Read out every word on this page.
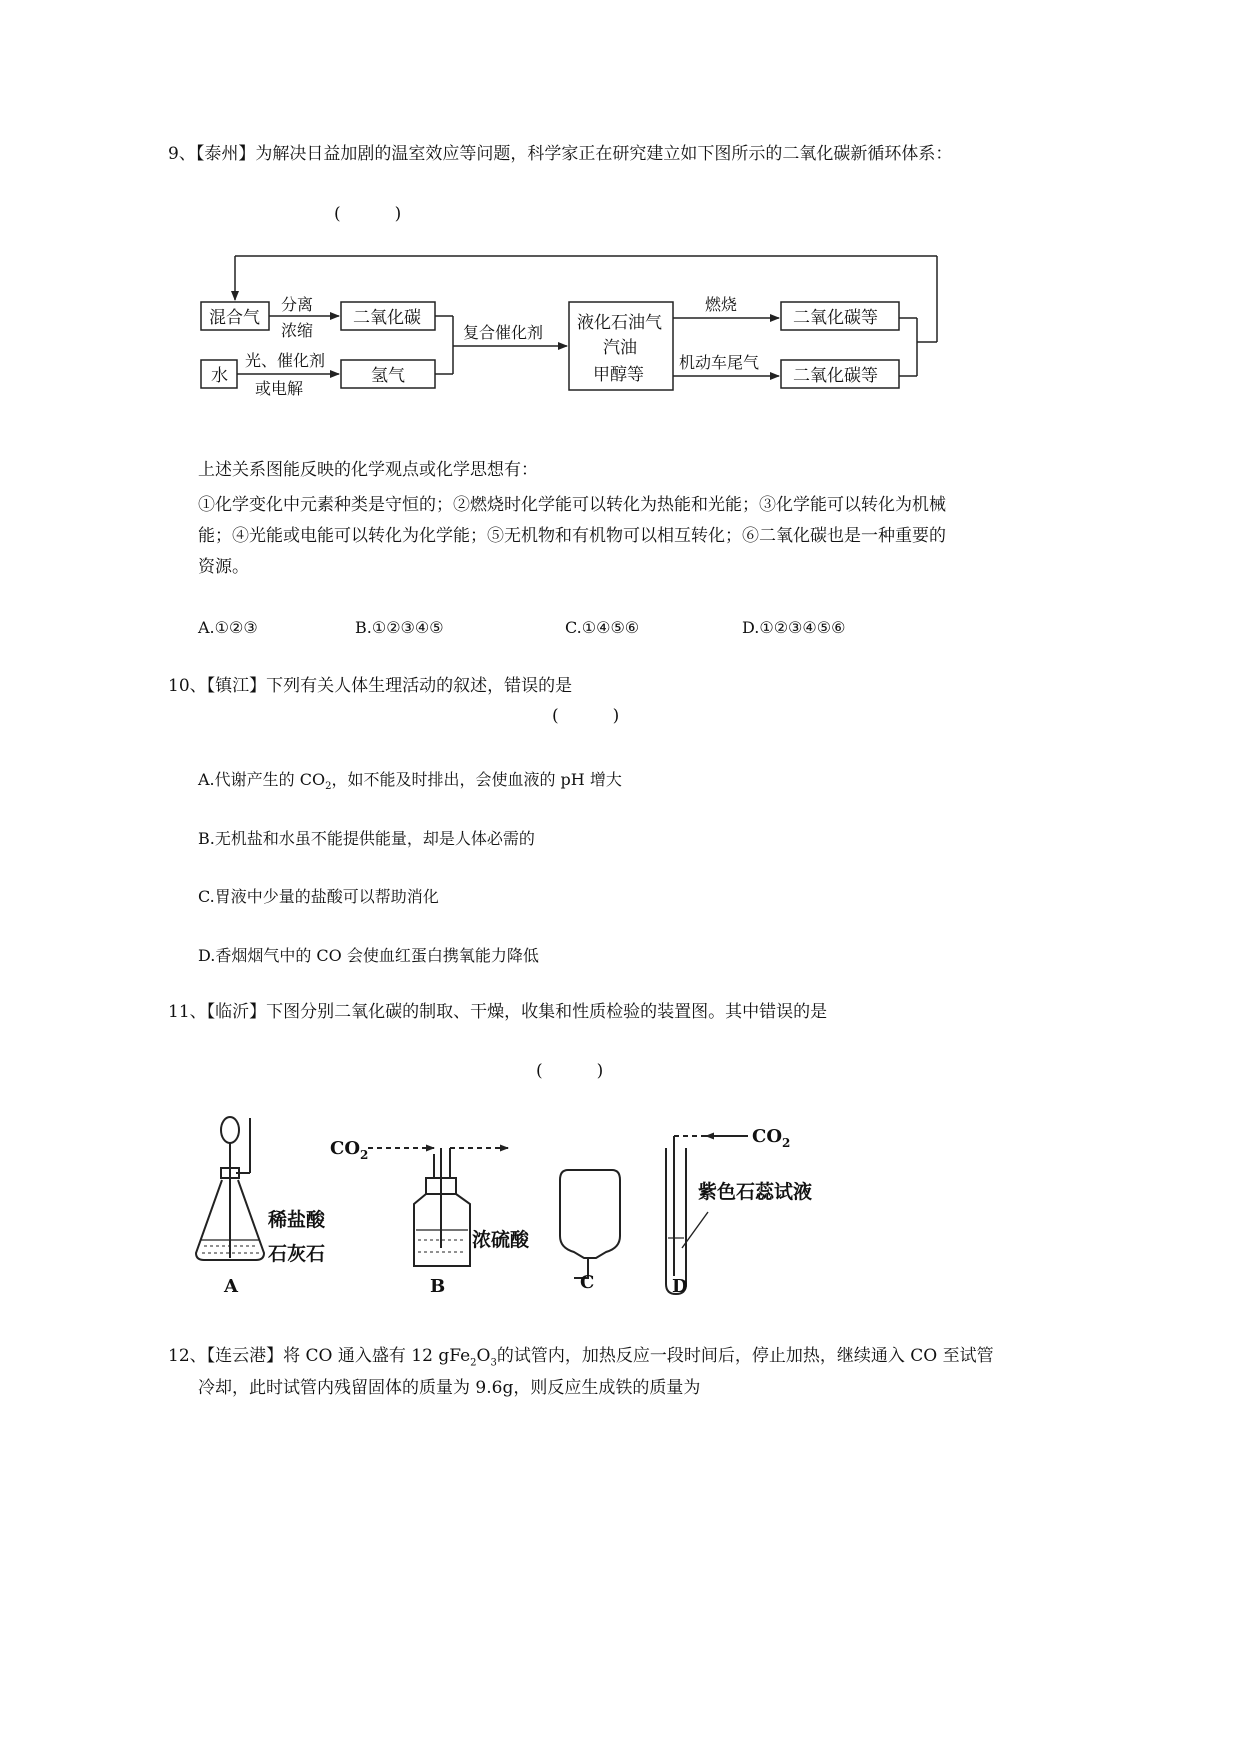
9、【泰州】为解决日益加剧的温室效应等问题，科学家正在研究建立如下图所示的二氧化碳新循环体系：
(          )
混合气
水
分离
浓缩
光、催化剂
或电解
二氧化碳
氢气
复合催化剂 液化石油气
汽油
甲醇等
燃烧
机动车尾气
二氧化碳等
二氧化碳等
上述关系图能反映的化学观点或化学思想有：
①化学变化中元素种类是守恒的；②燃烧时化学能可以转化为热能和光能；③化学能可以转化为机械
能；④光能或电能可以转化为化学能；⑤无机物和有机物可以相互转化；⑥二氧化碳也是一种重要的
资源。
A.①②③	B.①②③④⑤	C.①④⑤⑥	D.①②③④⑤⑥
10、【镇江】下列有关人体生理活动的叙述，错误的是
(          )
A.代谢产生的 $CO_2$，如不能及时排出，会使血液的 pH 增大
B.无机盐和水虽不能提供能量，却是人体必需的
C.胃液中少量的盐酸可以帮助消化
D.香烟烟气中的 CO 会使血红蛋白携氧能力降低
11、【临沂】下图分别二氧化碳的制取、干燥，收集和性质检验的装置图。其中错误的是
(          )
稀盐酸
石灰石
浓硫酸
紫色石蕊试液
$CO_2$
$CO_2$
A	B	C	D
12、【连云港】将 CO 通入盛有 12 $gFe_2O_3$的试管内，加热反应一段时间后，停止加热，继续通入 CO 至试管
冷却，此时试管内残留固体的质量为 9.6g，则反应生成铁的质量为
